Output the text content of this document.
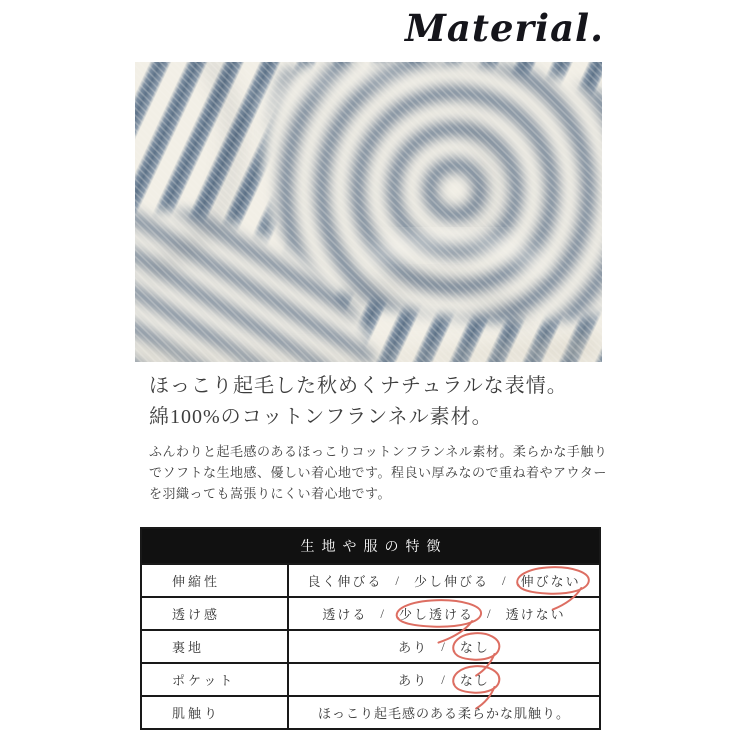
Material.
ほっこり起毛した秋めくナチュラルな表情。
綿100%のコットンフランネル素材。
ふんわりと起毛感のあるほっこりコットンフランネル素材。柔らかな手触りでソフトな生地感、優しい着心地です。程良い厚みなので重ね着やアウターを羽織っても嵩張りにくい着心地です。
生地や服の特徴
伸縮性	良く伸びる / 少し伸びる / 伸びない
透け感	透ける / 少し透ける / 透けない
裏地	あり / なし
ポケット	あり / なし
肌触り	ほっこり起毛感のある柔らかな肌触り。
